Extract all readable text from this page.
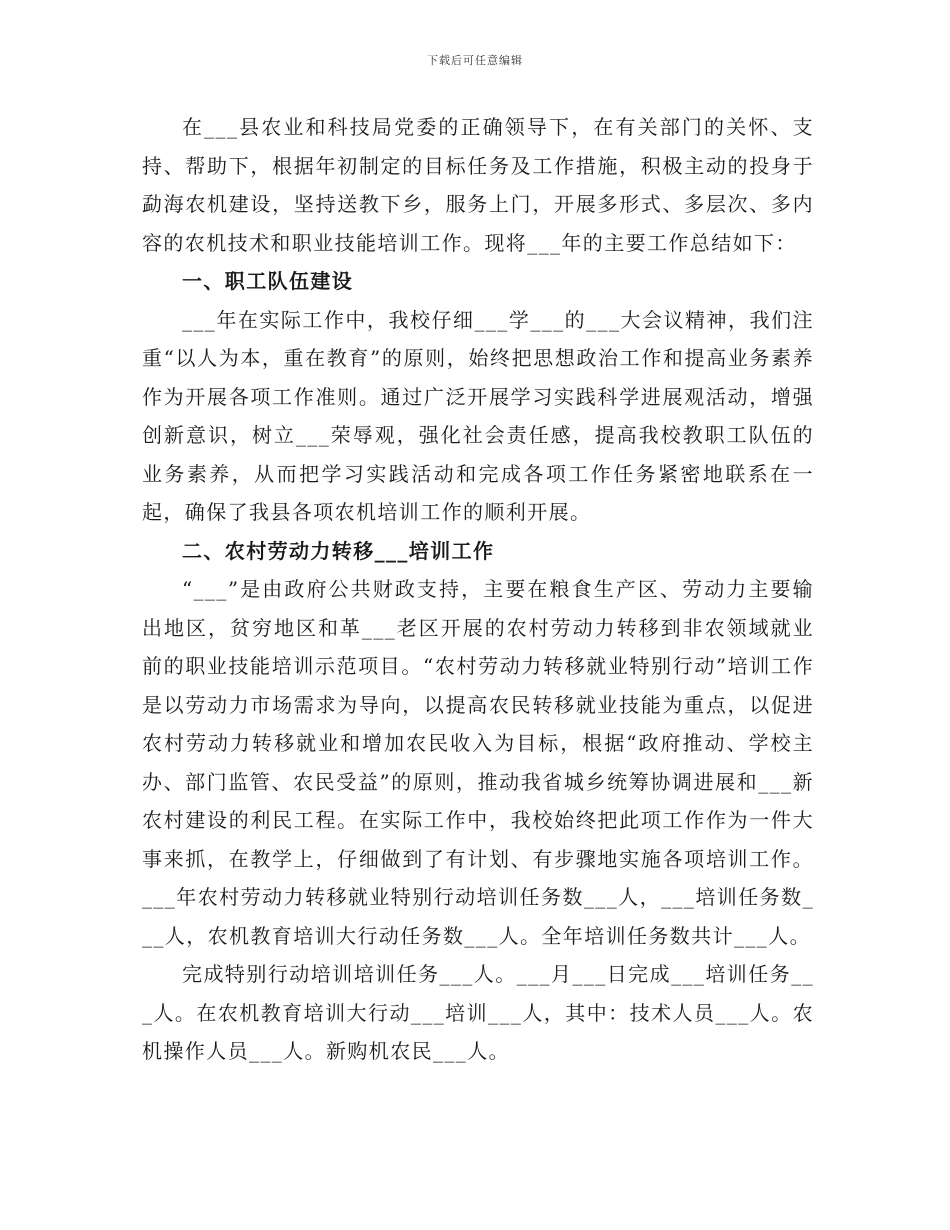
下载后可任意编辑

在___县农业和科技局党委的正确领导下，在有关部门的关怀、支持、帮助下，根据年初制定的目标任务及工作措施，积极主动的投身于勐海农机建设，坚持送教下乡，服务上门，开展多形式、多层次、多内容的农机技术和职业技能培训工作。现将___年的主要工作总结如下：

一、职工队伍建设

___年在实际工作中，我校仔细___学___的___大会议精神，我们注重“以人为本，重在教育”的原则，始终把思想政治工作和提高业务素养作为开展各项工作准则。通过广泛开展学习实践科学进展观活动，增强创新意识，树立___荣辱观，强化社会责任感，提高我校教职工队伍的业务素养，从而把学习实践活动和完成各项工作任务紧密地联系在一起，确保了我县各项农机培训工作的顺利开展。

二、农村劳动力转移___培训工作

“___”是由政府公共财政支持，主要在粮食生产区、劳动力主要输出地区，贫穷地区和革___老区开展的农村劳动力转移到非农领域就业前的职业技能培训示范项目。“农村劳动力转移就业特别行动”培训工作是以劳动力市场需求为导向，以提高农民转移就业技能为重点，以促进农村劳动力转移就业和增加农民收入为目标，根据“政府推动、学校主办、部门监管、农民受益”的原则，推动我省城乡统筹协调进展和___新农村建设的利民工程。在实际工作中，我校始终把此项工作作为一件大事来抓，在教学上，仔细做到了有计划、有步骤地实施各项培训工作。___年农村劳动力转移就业特别行动培训任务数___人，___培训任务数___人，农机教育培训大行动任务数___人。全年培训任务数共计___人。

完成特别行动培训培训任务___人。___月___日完成___培训任务___人。在农机教育培训大行动___培训___人，其中：技术人员___人。农机操作人员___人。新购机农民___人。
